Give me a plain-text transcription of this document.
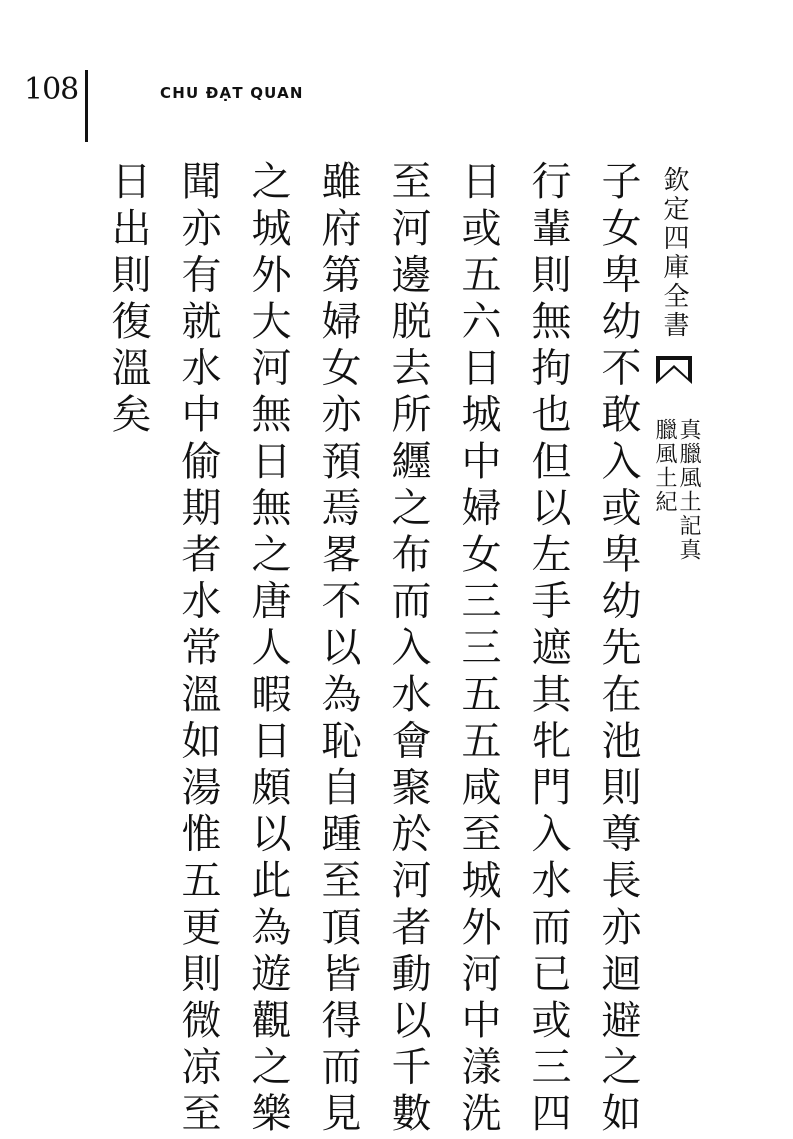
108	CHU ĐẠT QUAN
欽定四庫全書
真臘風土記真臘風土紀
子女卑幼不敢入或卑幼先在池則尊長亦迴避之如
行輩則無拘也但以左手遮其牝門入水而已或三四
日或五六日城中婦女三三五五咸至城外河中漾洗
至河邊脱去所纒之布而入水會聚於河者動以千數
雖府第婦女亦預焉畧不以為恥自踵至頂皆得而見
之城外大河無日無之唐人暇日頗以此為遊觀之樂
聞亦有就水中偷期者水常溫如湯惟五更則微凉至
日出則復溫矣
